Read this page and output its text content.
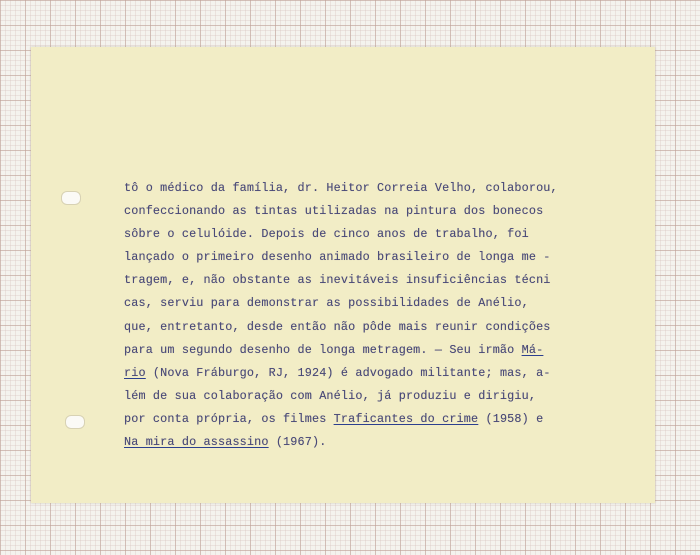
tô o médico da família, dr. Heitor Correia Velho, colaborou,
confeccionando as tintas utilizadas na pintura dos bonecos
sôbre o celulóide. Depois de cinco anos de trabalho, foi
lançado o primeiro desenho animado brasileiro de longa me -
tragem, e, não obstante as inevitáveis insuficiências técni
cas, serviu para demonstrar as possibilidades de Anélio,
que, entretanto, desde então não pôde mais reunir condições
para um segundo desenho de longa metragem. — Seu irmão Má-
rio (Nova Fráburgo, RJ, 1924) é advogado militante; mas, a-
lém de sua colaboração com Anélio, já produziu e dirigiu,
por conta própria, os filmes Traficantes do crime (1958) e
Na mira do assassino (1967).
